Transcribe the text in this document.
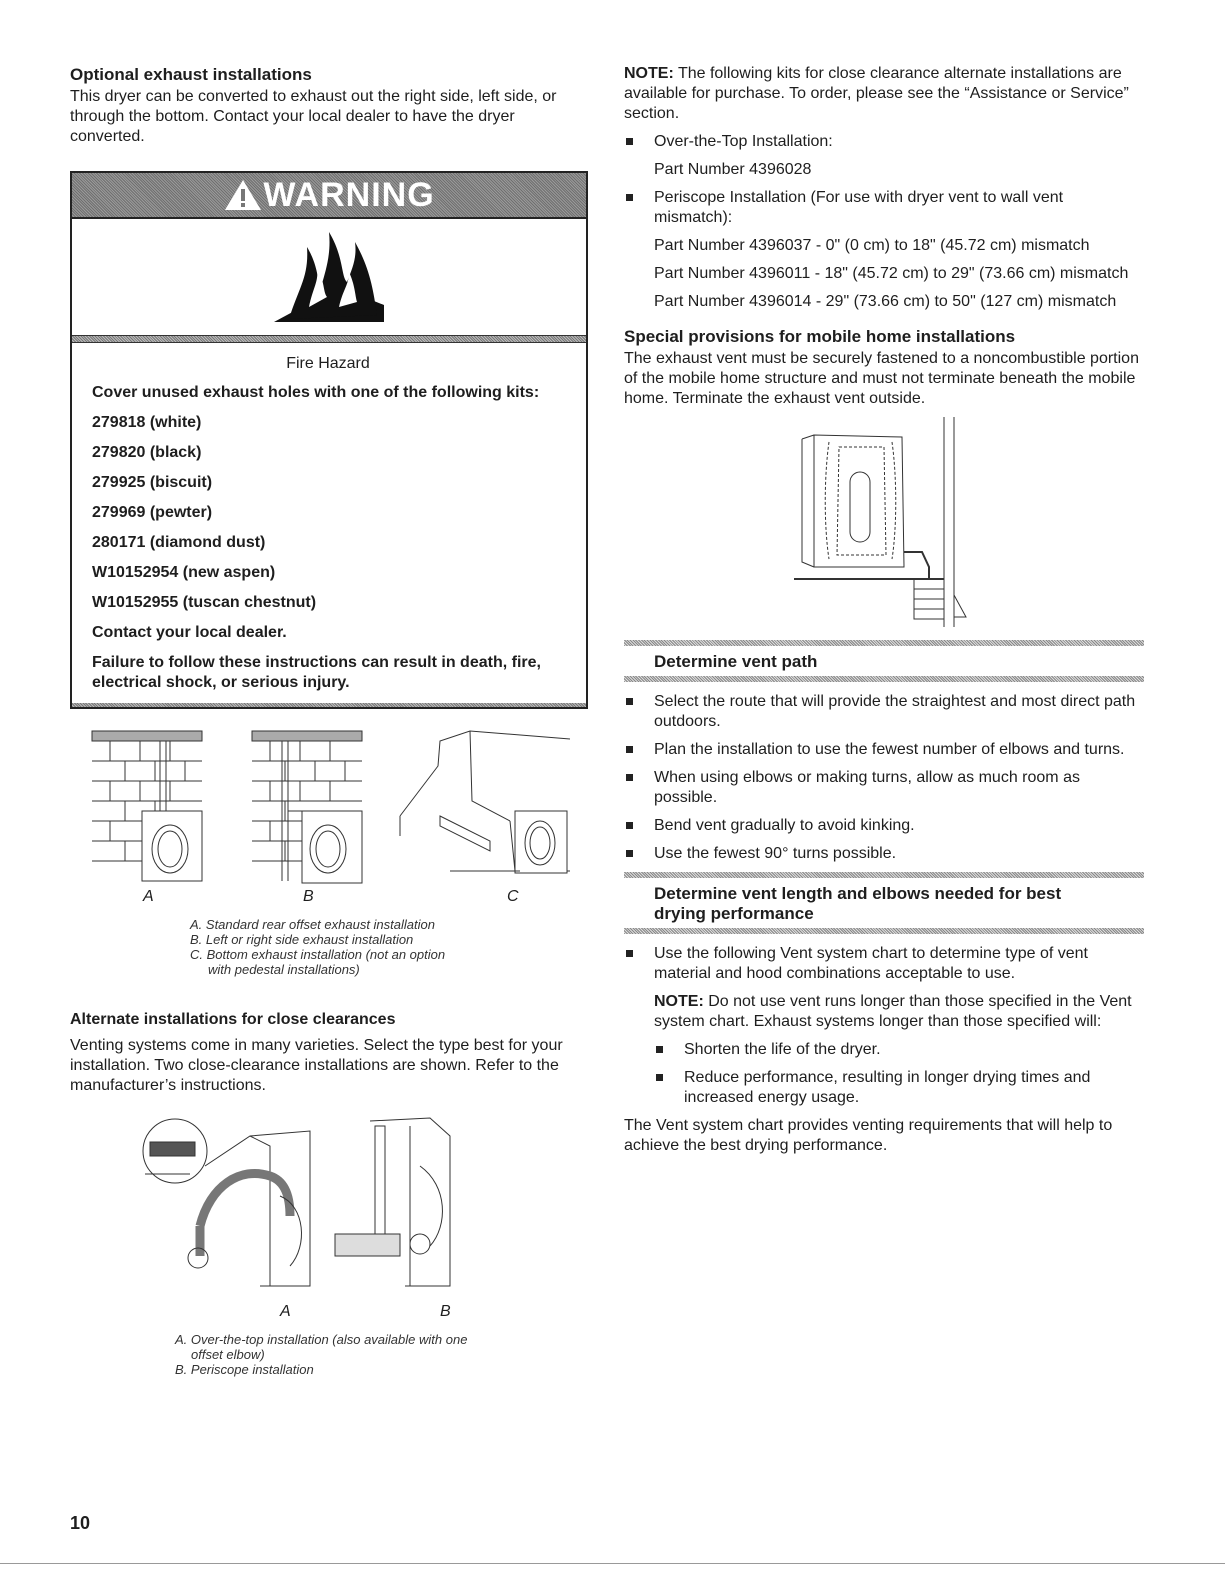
Optional exhaust installations

This dryer can be converted to exhaust out the right side, left side, or through the bottom. Contact your local dealer to have the dryer converted.

WARNING
Fire Hazard
Cover unused exhaust holes with one of the following kits:
279818 (white)
279820 (black)
279925 (biscuit)
279969 (pewter)
280171 (diamond dust)
W10152954 (new aspen)
W10152955 (tuscan chestnut)
Contact your local dealer.
Failure to follow these instructions can result in death, fire, electrical shock, or serious injury.
A	B	C

A. Standard rear offset exhaust installation

B. Left or right side exhaust installation

C. Bottom exhaust installation (not an option

with pedestal installations)

Alternate installations for close clearances

Venting systems come in many varieties. Select the type best for your installation. Two close-clearance installations are shown. Refer to the manufacturer’s instructions.

A	B

A. Over-the-top installation (also available with one

offset elbow)

B. Periscope installation

NOTE: The following kits for close clearance alternate installations are available for purchase. To order, please see the “Assistance or Service” section.

Over-the-Top Installation:

Part Number 4396028

Periscope Installation (For use with dryer vent to wall vent mismatch):

Part Number 4396037 - 0" (0 cm) to 18" (45.72 cm) mismatch

Part Number 4396011 - 18" (45.72 cm) to 29" (73.66 cm) mismatch

Part Number 4396014 - 29" (73.66 cm) to 50" (127 cm) mismatch

Special provisions for mobile home installations

The exhaust vent must be securely fastened to a noncombustible portion of the mobile home structure and must not terminate beneath the mobile home. Terminate the exhaust vent outside.

Determine vent path
Select the route that will provide the straightest and most direct path outdoors.
Plan the installation to use the fewest number of elbows and turns.
When using elbows or making turns, allow as much room as possible.
Bend vent gradually to avoid kinking.
Use the fewest 90° turns possible.
Determine vent length and elbows needed for best drying performance
Use the following Vent system chart to determine type of vent material and hood combinations acceptable to use.

NOTE: Do not use vent runs longer than those specified in the Vent system chart. Exhaust systems longer than those specified will:

Shorten the life of the dryer.
Reduce performance, resulting in longer drying times and increased energy usage.

The Vent system chart provides venting requirements that will help to achieve the best drying performance.

10
